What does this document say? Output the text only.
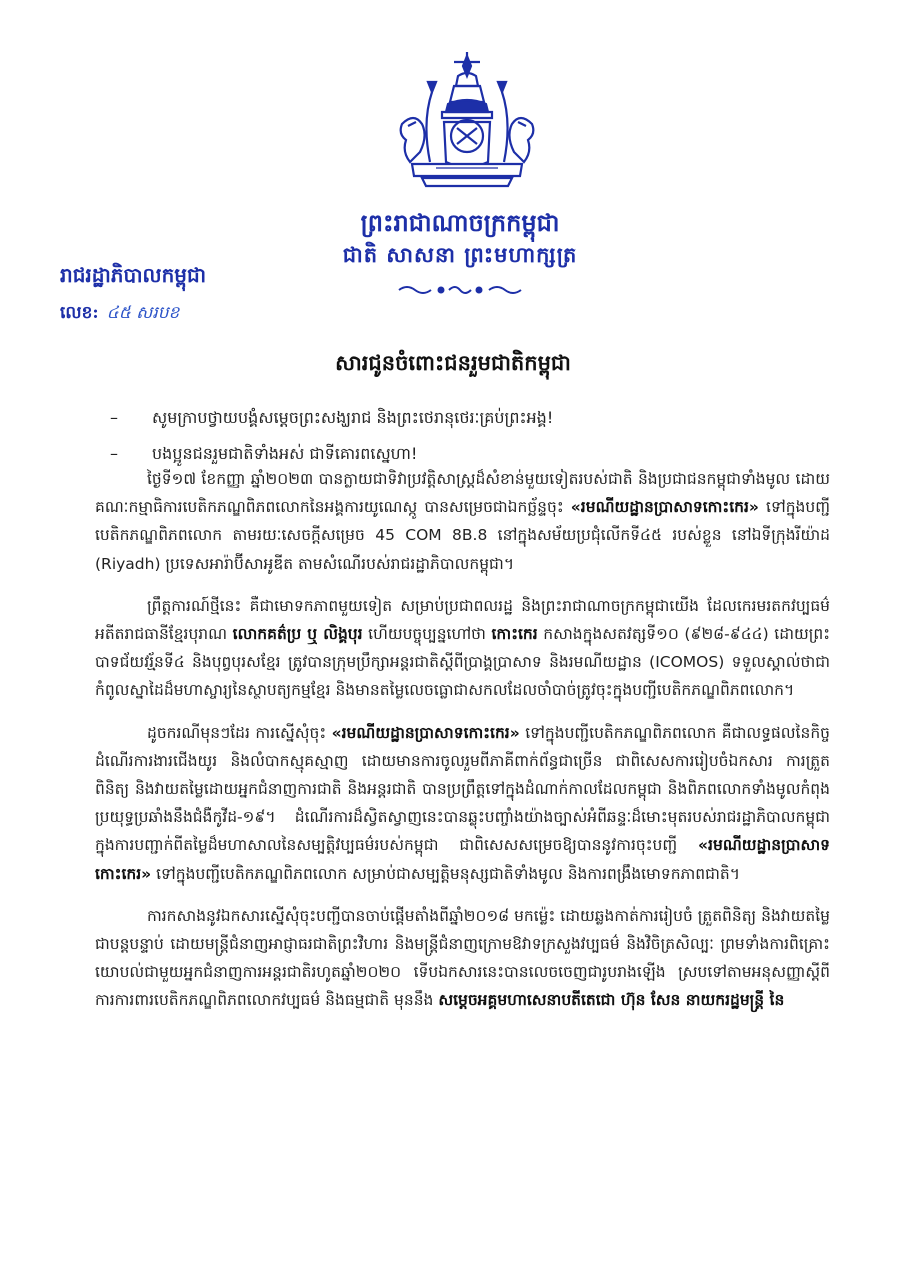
ព្រះរាជាណាចក្រកម្ពុជា
ជាតិ សាសនា ព្រះមហាក្សត្រ
រាជរដ្ឋាភិបាលកម្ពុជា
លេខ: ៤៥ សរបខ
សារជូនចំពោះជនរួមជាតិកម្ពុជា
–	សូមក្រាបថ្វាយបង្គំសម្តេចព្រះសង្ឃរាជ និងព្រះថេរានុថេរៈគ្រប់ព្រះអង្គ!
–	បងប្អូនជនរួមជាតិទាំងអស់ ជាទីគោរពស្នេហា!

ថ្ងៃទី១៧ ខែកញ្ញា ឆ្នាំ២០២៣ បានក្លាយជាទិវាប្រវត្តិសាស្ត្រដ៏សំខាន់មួយទៀតរបស់ជាតិ និងប្រជាជនកម្ពុជាទាំងមូល ដោយគណៈកម្មាធិការបេតិកភណ្ឌពិភពលោកនៃអង្គការយូណេស្កូ បានសម្រេចជាឯកច្ឆ័ន្ទចុះ «រមណីយដ្ឋានប្រាសាទកោះកេរ» ទៅក្នុងបញ្ជីបេតិកភណ្ឌពិភពលោក តាមរយៈសេចក្តីសម្រេច 45 COM 8B.8 នៅក្នុងសម័យប្រជុំលើកទី៤៥ របស់ខ្លួន នៅឯទីក្រុងរីយ៉ាដ (Riyadh) ប្រទេសអារ៉ាប៊ីសាអូឌីត តាមសំណើរបស់រាជរដ្ឋាភិបាលកម្ពុជា។

ព្រឹត្តការណ៍ថ្មីនេះ គឺជាមោទកភាពមួយទៀត សម្រាប់ប្រជាពលរដ្ឋ និងព្រះរាជាណាចក្រកម្ពុជាយើង ដែលកេរមរតកវប្បធម៌អតីតរាជធានីខ្មែរបុរាណ លោកគត៌ប្រ ឬ លិង្គបុរ ហើយបច្ចុប្បន្នហៅថា កោះកេរ កសាងក្នុងសតវត្សទី១០ (៩២៨-៩៤៤) ដោយព្រះបាទជ័យវរ្ម័នទី៤ និងបុព្វបុរសខ្មែរ ត្រូវបានក្រុមប្រឹក្សាអន្តរជាតិស្តីពីប្រាង្គប្រាសាទ និងរមណីយដ្ឋាន (ICOMOS) ទទួលស្គាល់ថាជាកំពូលស្នាដៃដ៏មហាស្ចារ្យនៃស្ថាបត្យកម្មខ្មែរ និងមានតម្លៃលេចធ្លោជាសកលដែលចាំបាច់ត្រូវចុះក្នុងបញ្ជីបេតិកភណ្ឌពិភពលោក។

ដូចករណីមុនៗដែរ ការស្នើសុំចុះ «រមណីយដ្ឋានប្រាសាទកោះកេរ» ទៅក្នុងបញ្ជីបេតិកភណ្ឌពិភពលោក គឺជាលទ្ធផលនៃកិច្ចដំណើរការងារជើងយូរ និងលំបាកស្មុគស្មាញ ដោយមានការចូលរួមពីភាគីពាក់ព័ន្ធជាច្រើន ជាពិសេសការរៀបចំឯកសារ ការត្រួតពិនិត្យ និងវាយតម្លៃដោយអ្នកជំនាញការជាតិ និងអន្តរជាតិ បានប្រព្រឹត្តទៅក្នុងដំណាក់កាលដែលកម្ពុជា និងពិភពលោកទាំងមូលកំពុងប្រយុទ្ធប្រឆាំងនឹងជំងឺកូវីដ-១៩។ ដំណើរការដ៏ស្វិតស្វាញនេះបានឆ្លុះបញ្ចាំងយ៉ាងច្បាស់អំពីឆន្ទៈដ៏មោះមុតរបស់រាជរដ្ឋាភិបាលកម្ពុជា ក្នុងការបញ្ជាក់ពីតម្លៃដ៏មហាសាលនៃសម្បត្តិវប្បធម៌របស់កម្ពុជា ជាពិសេសសម្រេចឱ្យបាននូវការចុះបញ្ជី «រមណីយដ្ឋានប្រាសាទកោះកេរ» ទៅក្នុងបញ្ជីបេតិកភណ្ឌពិភពលោក សម្រាប់ជាសម្បត្តិមនុស្សជាតិទាំងមូល និងការពង្រឹងមោទកភាពជាតិ។

ការកសាងនូវឯកសារស្នើសុំចុះបញ្ជីបានចាប់ផ្តើមតាំងពីឆ្នាំ២០១៨ មកម្ល៉េះ ដោយឆ្លងកាត់ការរៀបចំ ត្រួតពិនិត្យ និងវាយតម្លៃជាបន្តបន្ទាប់ ដោយមន្ត្រីជំនាញអាជ្ញាធរជាតិព្រះវិហារ និងមន្ត្រីជំនាញក្រោមឱវាទក្រសួងវប្បធម៌ និងវិចិត្រសិល្បៈ ព្រមទាំងការពិគ្រោះយោបល់ជាមួយអ្នកជំនាញការអន្តរជាតិរហូតឆ្នាំ២០២០ ទើបឯកសារនេះបានលេចចេញជារូបរាងឡើង ស្របទៅតាមអនុសញ្ញាស្តីពីការការពារបេតិកភណ្ឌពិភពលោកវប្បធម៌ និងធម្មជាតិ មុននឹង សម្តេចអគ្គមហាសេនាបតីតេជោ ហ៊ុន សែន នាយករដ្ឋមន្ត្រី នៃ
